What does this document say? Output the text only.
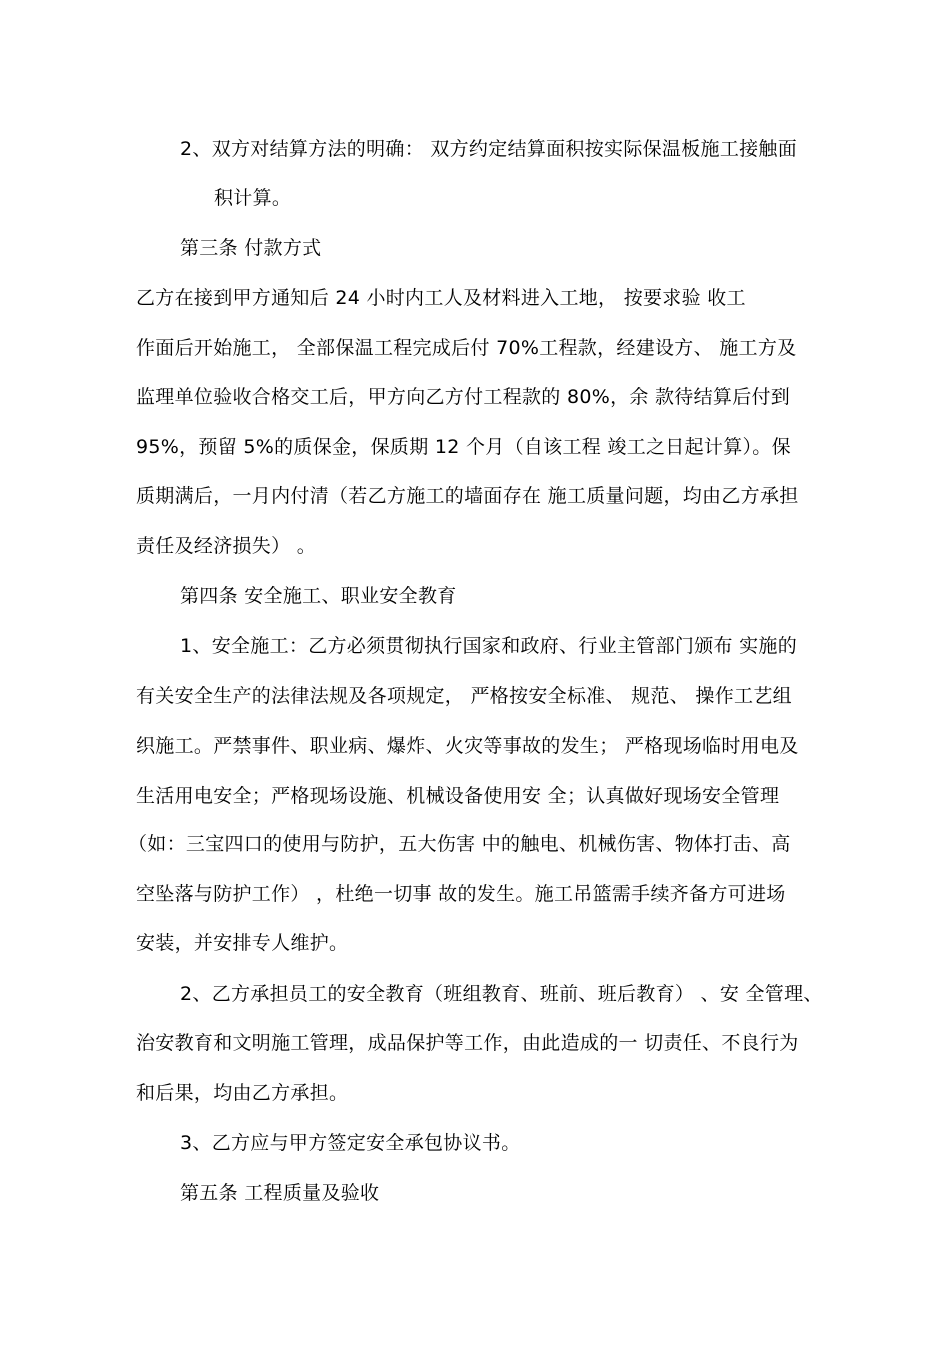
2、双方对结算方法的明确： 双方约定结算面积按实际保温板施工接触面
积计算。
第三条 付款方式
乙方在接到甲方通知后 24 小时内工人及材料进入工地， 按要求验 收工
作面后开始施工， 全部保温工程完成后付 70%工程款，经建设方、 施工方及
监理单位验收合格交工后，甲方向乙方付工程款的 80%，余 款待结算后付到
95%，预留 5%的质保金，保质期 12 个月（自该工程 竣工之日起计算）。保
质期满后，一月内付清（若乙方施工的墙面存在 施工质量问题，均由乙方承担
责任及经济损失） 。
第四条 安全施工、职业安全教育
1、安全施工：乙方必须贯彻执行国家和政府、行业主管部门颁布 实施的
有关安全生产的法律法规及各项规定， 严格按安全标准、 规范、 操作工艺组
织施工。严禁事件、职业病、爆炸、火灾等事故的发生； 严格现场临时用电及
生活用电安全；严格现场设施、机械设备使用安 全；认真做好现场安全管理
（如：三宝四口的使用与防护，五大伤害 中的触电、机械伤害、物体打击、高
空坠落与防护工作） ，杜绝一切事 故的发生。施工吊篮需手续齐备方可进场
安装，并安排专人维护。
2、乙方承担员工的安全教育（班组教育、班前、班后教育） 、安 全管理、
治安教育和文明施工管理，成品保护等工作，由此造成的一 切责任、不良行为
和后果，均由乙方承担。
3、乙方应与甲方签定安全承包协议书。
第五条 工程质量及验收
